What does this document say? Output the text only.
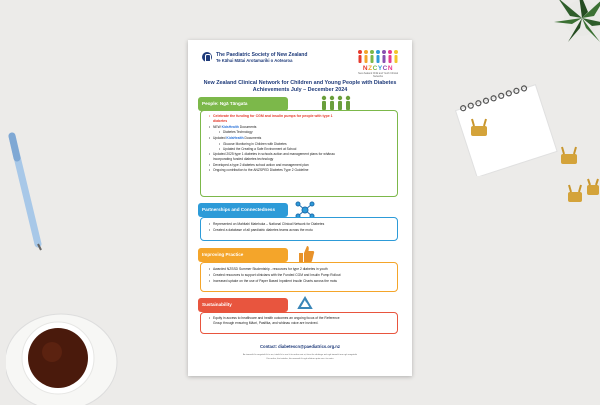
The Paediatric Society of New Zealand
Te Kāhui Mātai Arotamariki o Aotearoa
NZCYCN
New Zealand Child and Youth Clinical Networks
New Zealand Clinical Network for Children and Young People with Diabetes
Achievements July – December 2024
People: Ngā Tāngata
• Celebrate the funding for CGM and insulin pumps for people with type 1
diabetes
• NEW KidsHealth Documents
• Diabetes Technology
• Updated KidsHealth Documents
• Glucose Monitoring in Children with Diabetes
• Updated the Creating a Safe Environment at School
• Updated 2025 type 1 diabetes in schools action and management plans for whānau
incorporating funded diabetes technology
• Developed a type 2 diabetes school action and management plan
• Ongoing contribution to the ANZSPED Diabetes Type 2 Guideline
Partnerships and Connectedness
• Represented on Mahitahi Matehuka – National Clinical Network for Diabetes
• Created a database of all paediatric diabetes teams across the motu
Improving Practice
• Awarded NZSSD Summer Studentship - resources for type 2 diabetes in youth
• Created resources to support clinicians with the Funded CGM and Insulin Pump Rollout
• Increased uptake on the use of Paper Based Inpatient Insulin Charts across the motu
Sustainability
• Equity in access to healthcare and health outcomes an ongoing focus of the Reference
Group through ensuring Māori, Pasifika, and whānau voice are involved.
Contact: diabetescn@paediatrics.org.nz
As tamariki ki rangatahi ki te ao, tutaki ki te ora ki te aroha mai ai, tēnei he whāinga mō ngā tamariki me ngā rangatahi
Kia aroha, kia tautoko, kia manaaki ki ngā whānau puta noa i te motu
